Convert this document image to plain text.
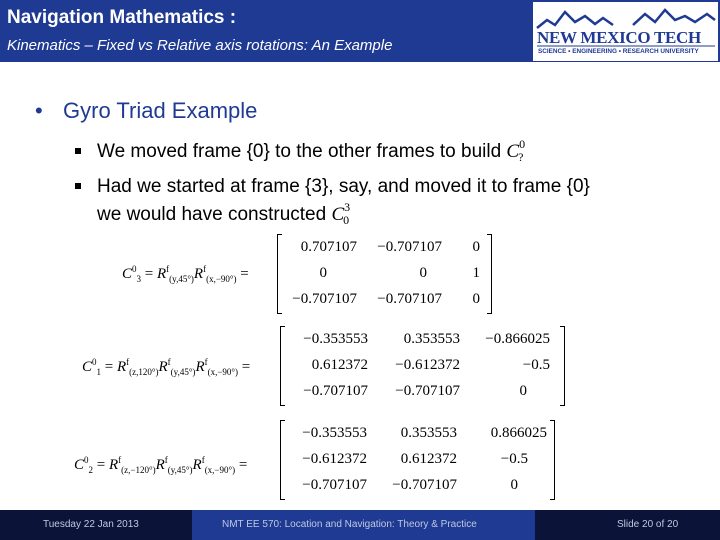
Navigation Mathematics :
Kinematics – Fixed vs Relative axis rotations: An Example	NEW MEXICO TECH
SCIENCE • ENGINEERING • RESEARCH UNIVERSITY
• Gyro Triad Example
We moved frame {0} to the other frames to build $C^0_?$
Had we started at frame {3}, say, and moved it to frame {0}
we would have constructed $C^3_0$
$C^0_3 = R^f_{(y,45^\circ)}R^f_{(x,-90^\circ)}$ =
0.707107 −0.707107 0
0	0	1
−0.707107 −0.707107 0
$C^0_1 = R^f_{(z,120^\circ)}R^f_{(y,45^\circ)}R^f_{(x,-90^\circ)}$ =
−0.353553 0.353553 −0.866025
0.612372 −0.612372	−0.5
−0.707107 −0.707107	0
$C^0_2 = R^f_{(z,-120^\circ)}R^f_{(y,45^\circ)}R^f_{(x,-90^\circ)}$ =
−0.353553 0.353553 0.866025
−0.612372 0.612372	−0.5
−0.707107 −0.707107	0
Tuesday 22 Jan 2013	NMT EE 570: Location and Navigation: Theory & Practice	Slide 20 of 20
